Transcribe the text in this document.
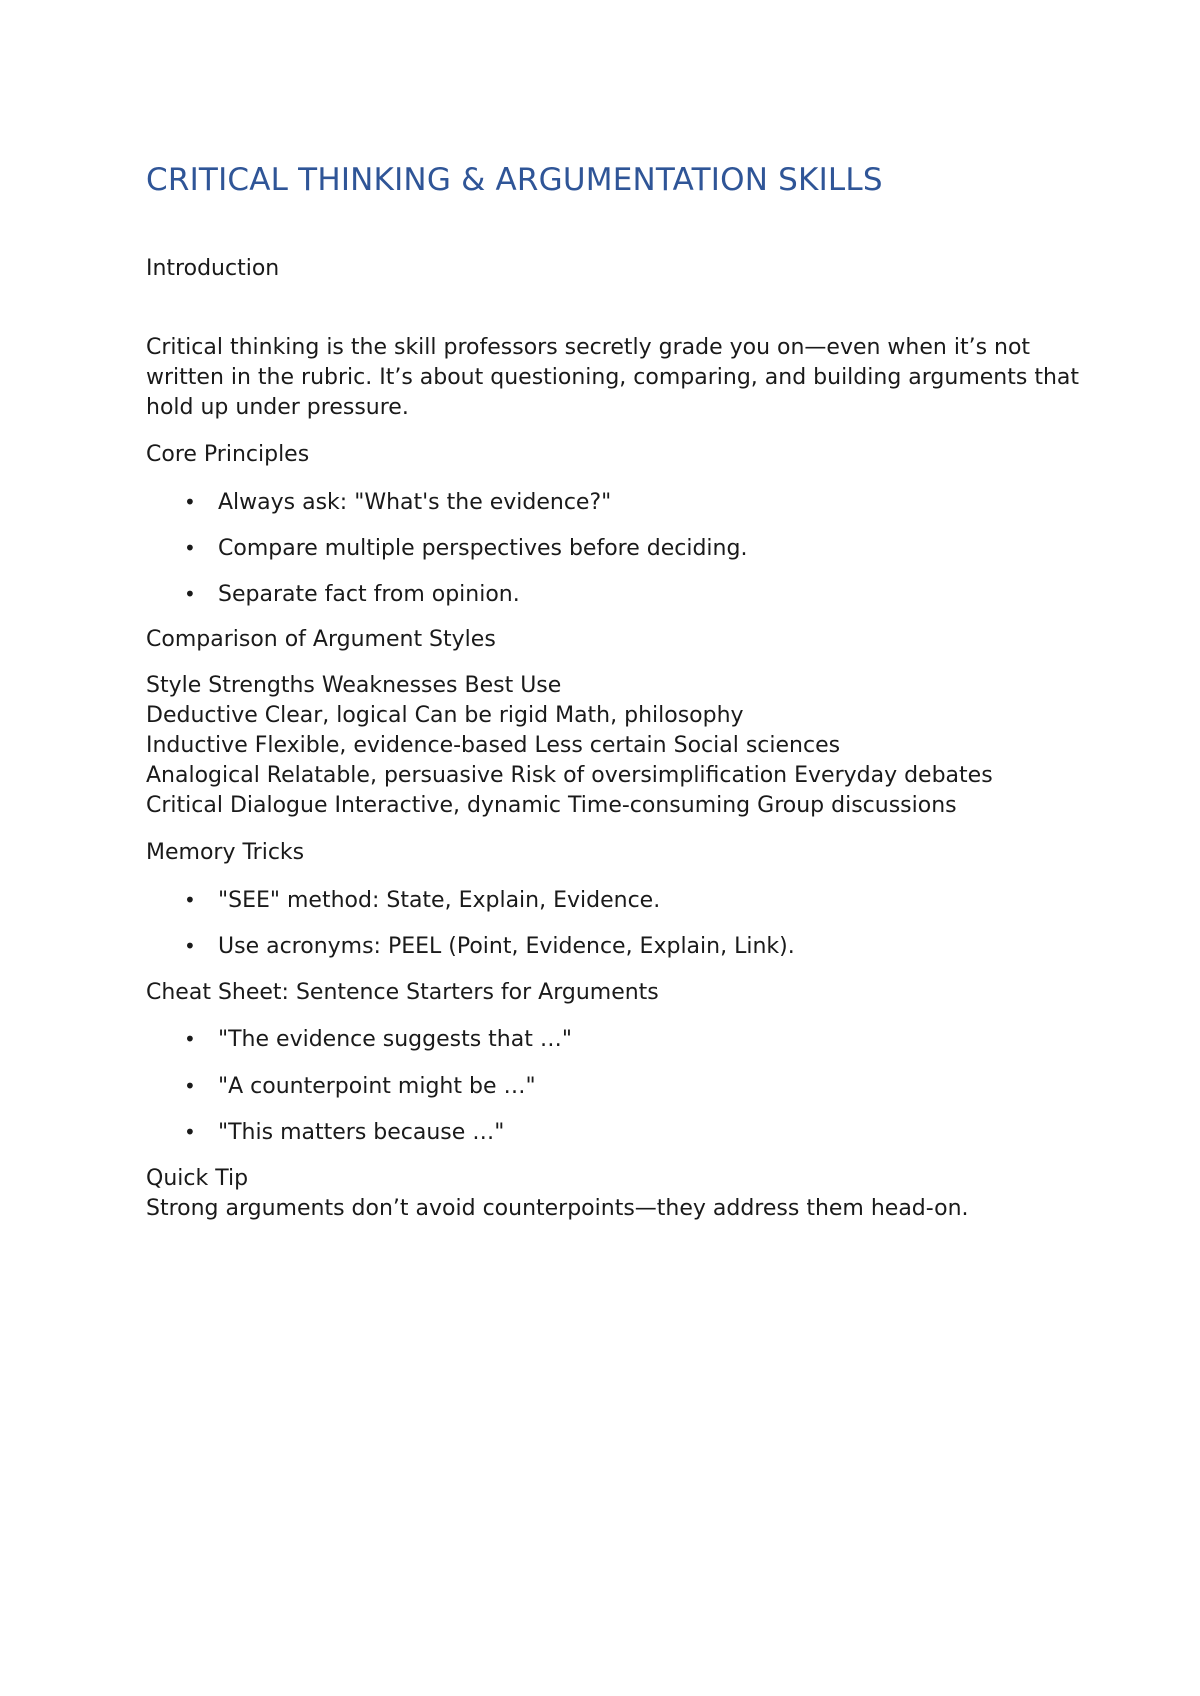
CRITICAL THINKING & ARGUMENTATION SKILLS
Introduction

Critical thinking is the skill professors secretly grade you on—even when it’s not
written in the rubric. It’s about questioning, comparing, and building arguments that
hold up under pressure.

Core Principles
• Always ask: "What's the evidence?"
• Compare multiple perspectives before deciding.
• Separate fact from opinion.
Comparison of Argument Styles
Style Strengths Weaknesses Best Use
Deductive Clear, logical Can be rigid Math, philosophy
Inductive Flexible, evidence-based Less certain Social sciences
Analogical Relatable, persuasive Risk of oversimplification Everyday debates
Critical Dialogue Interactive, dynamic Time-consuming Group discussions
Memory Tricks
• "SEE" method: State, Explain, Evidence.
• Use acronyms: PEEL (Point, Evidence, Explain, Link).
Cheat Sheet: Sentence Starters for Arguments
• "The evidence suggests that …"
• "A counterpoint might be …"
• "This matters because …"
Quick Tip
Strong arguments don’t avoid counterpoints—they address them head-on.
